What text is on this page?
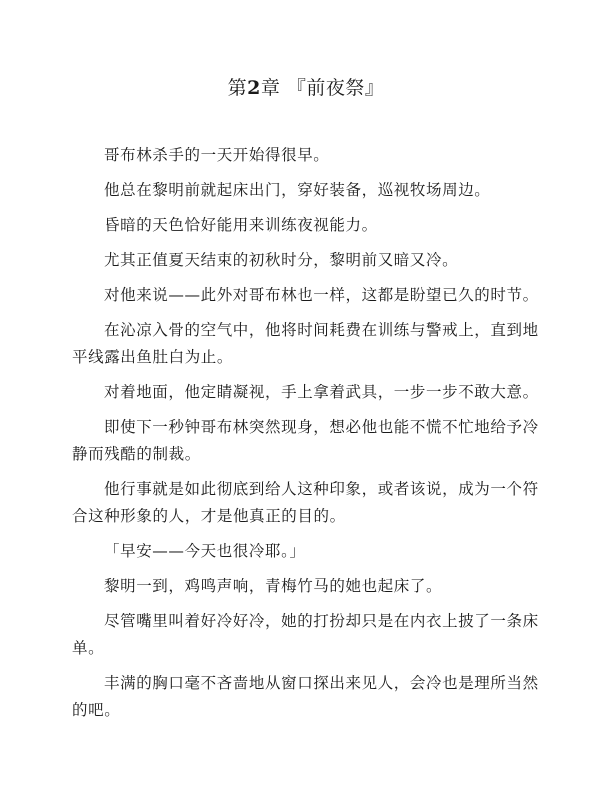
第2章 『前夜祭』

哥布林杀手的一天开始得很早。

他总在黎明前就起床出门，穿好装备，巡视牧场周边。

昏暗的天色恰好能用来训练夜视能力。

尤其正值夏天结束的初秋时分，黎明前又暗又冷。

对他来说——此外对哥布林也一样，这都是盼望已久的时节。

在沁凉入骨的空气中，他将时间耗费在训练与警戒上，直到地平线露出鱼肚白为止。

对着地面，他定睛凝视，手上拿着武具，一步一步不敢大意。

即使下一秒钟哥布林突然现身，想必他也能不慌不忙地给予冷静而残酷的制裁。

他行事就是如此彻底到给人这种印象，或者该说，成为一个符合这种形象的人，才是他真正的目的。

「早安——今天也很冷耶。」

黎明一到，鸡鸣声响，青梅竹马的她也起床了。

尽管嘴里叫着好冷好冷，她的打扮却只是在内衣上披了一条床单。

丰满的胸口毫不吝啬地从窗口探出来见人，会冷也是理所当然的吧。
